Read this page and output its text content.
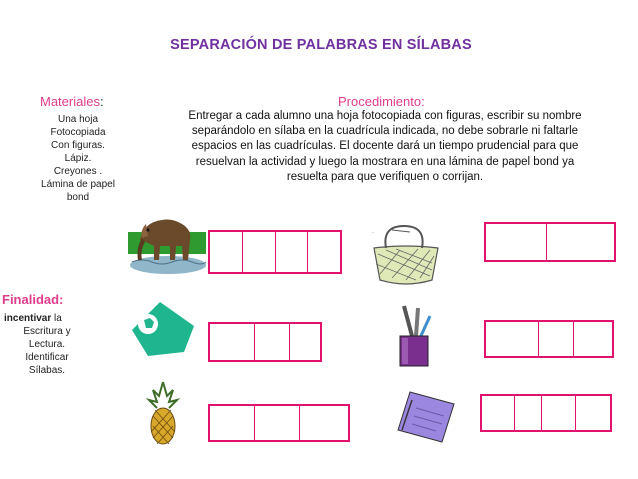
SEPARACIÓN DE PALABRAS EN SÍLABAS
Materiales:
Una hoja
Fotocopiada
Con figuras.
Lápiz.
Creyones .
Lámina de papel
bond
Procedimiento:
Entregar a cada alumno una hoja fotocopiada con figuras, escribir su nombre
separándolo en sílaba en la cuadrícula indicada, no debe sobrarle ni faltarle
espacios en las cuadrículas. El docente dará un tiempo prudencial para que
resuelvan la actividad y luego la mostrara en una lámina de papel bond ya
resuelta para que verifiquen o corrijan.
Finalidad:
incentivar la
Escritura y
Lectura.
Identificar
Sílabas.
·
